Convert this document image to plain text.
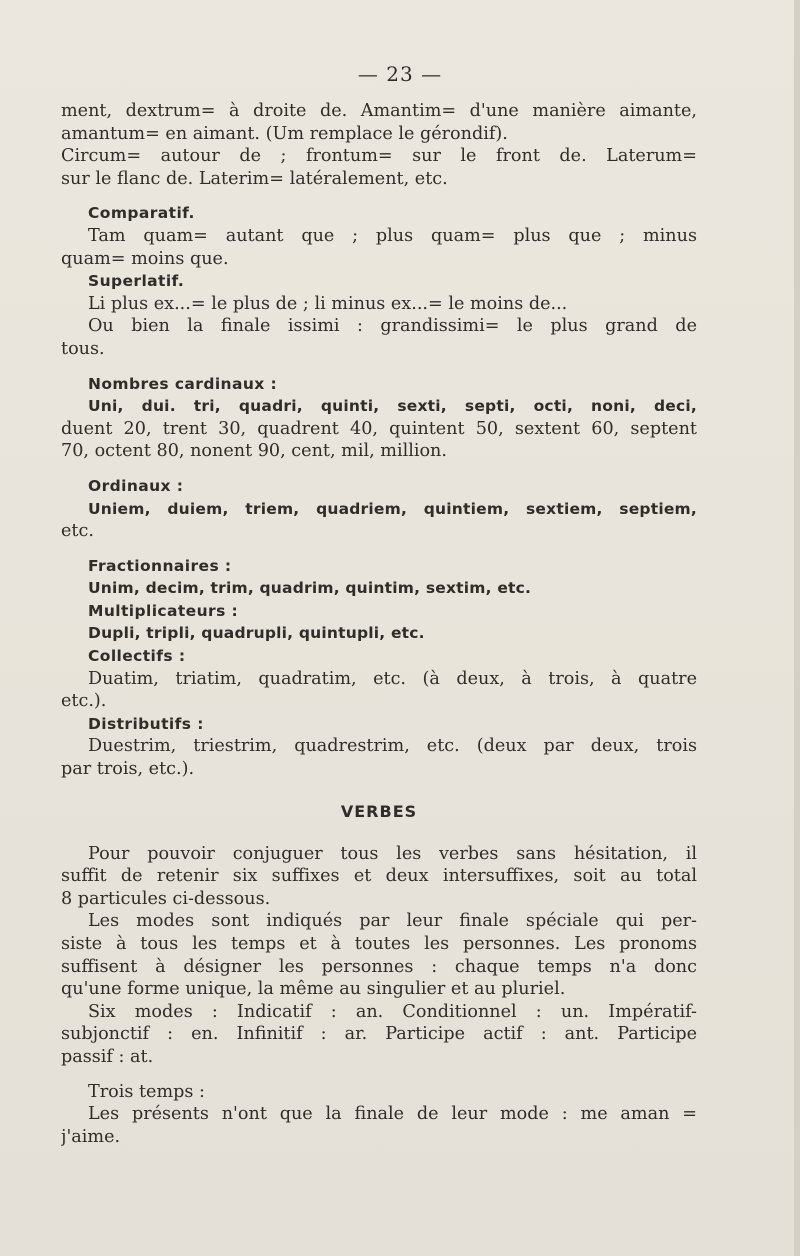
— 23 —
ment, dextrum= à droite de. Amantim= d'une manière aimante,
amantum= en aimant. (Um remplace le gérondif).
Circum= autour de ; frontum= sur le front de. Laterum=
sur le flanc de. Laterim= latéralement, etc.
Comparatif.
Tam quam= autant que ; plus quam= plus que ; minus
quam= moins que.
Superlatif.
Li plus ex...= le plus de ; li minus ex...= le moins de...
Ou bien la finale issimi : grandissimi= le plus grand de
tous.
Nombres cardinaux :
Uni, dui. tri, quadri, quinti, sexti, septi, octi, noni, deci,
duent 20, trent 30, quadrent 40, quintent 50, sextent 60, septent
70, octent 80, nonent 90, cent, mil, million.
Ordinaux :
Uniem, duiem, triem, quadriem, quintiem, sextiem, septiem,
etc.
Fractionnaires :
Unim, decim, trim, quadrim, quintim, sextim, etc.
Multiplicateurs :
Dupli, tripli, quadrupli, quintupli, etc.
Collectifs :
Duatim, triatim, quadratim, etc. (à deux, à trois, à quatre
etc.).
Distributifs :
Duestrim, triestrim, quadrestrim, etc. (deux par deux, trois
par trois, etc.).
VERBES
Pour pouvoir conjuguer tous les verbes sans hésitation, il
suffit de retenir six suffixes et deux intersuffixes, soit au total
8 particules ci-dessous.
Les modes sont indiqués par leur finale spéciale qui per-
siste à tous les temps et à toutes les personnes. Les pronoms
suffisent à désigner les personnes : chaque temps n'a donc
qu'une forme unique, la même au singulier et au pluriel.
Six modes : Indicatif : an. Conditionnel : un. Impératif-
subjonctif : en. Infinitif : ar. Participe actif : ant. Participe
passif : at.
Trois temps :
Les présents n'ont que la finale de leur mode : me aman =
j'aime.
